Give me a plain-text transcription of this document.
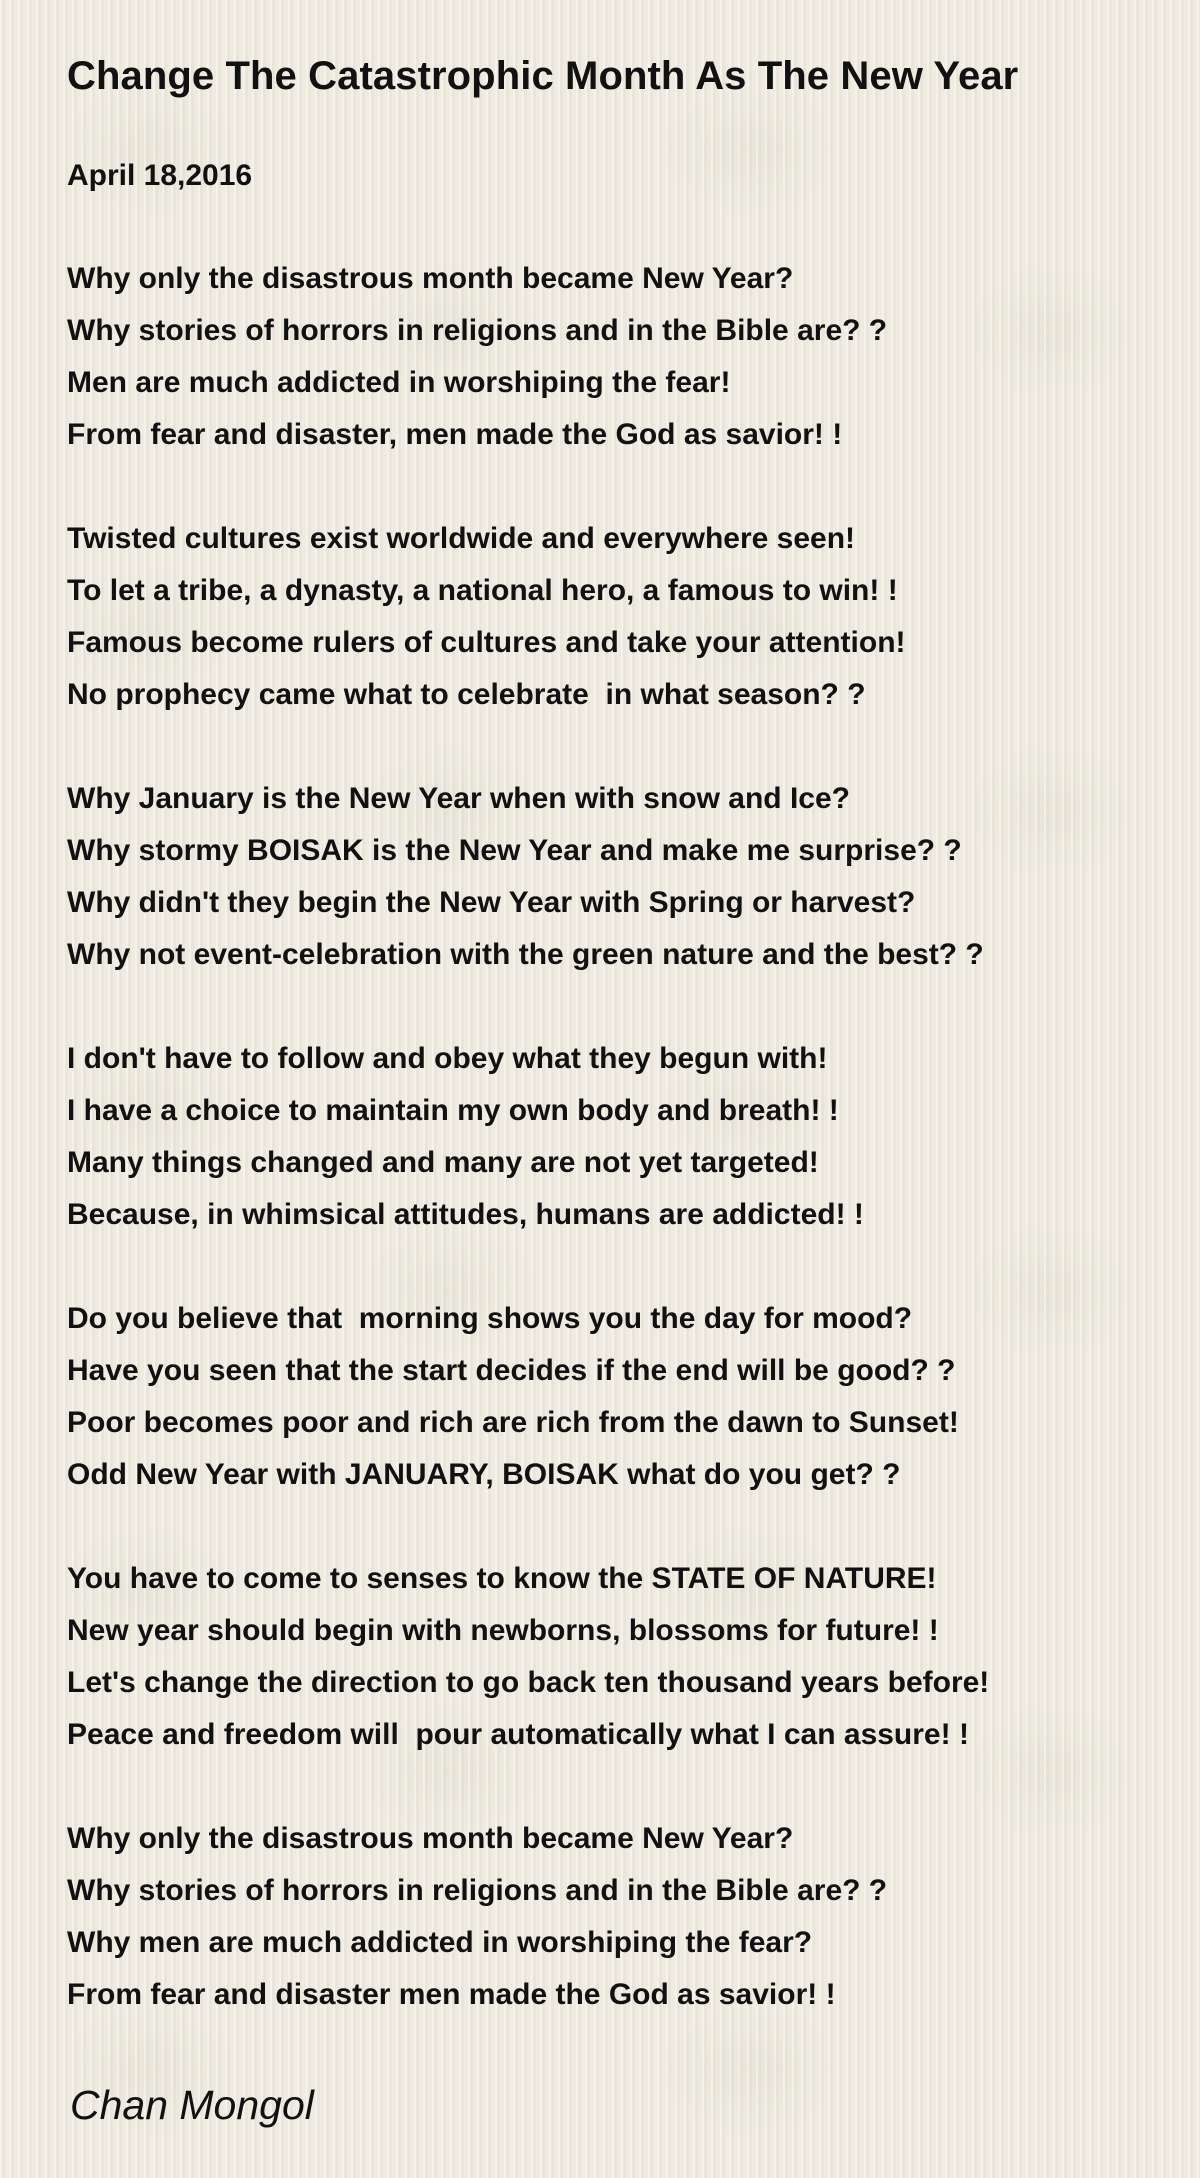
Change The Catastrophic Month As The New Year
April 18,2016
Why only the disastrous month became New Year?
Why stories of horrors in religions and in the Bible are? ?
Men are much addicted in worshiping the fear!
From fear and disaster, men made the God as savior! !
Twisted cultures exist worldwide and everywhere seen!
To let a tribe, a dynasty, a national hero, a famous to win! !
Famous become rulers of cultures and take your attention!
No prophecy came what to celebrate  in what season? ?
Why January is the New Year when with snow and Ice?
Why stormy BOISAK is the New Year and make me surprise? ?
Why didn't they begin the New Year with Spring or harvest?
Why not event-celebration with the green nature and the best? ?
I don't have to follow and obey what they begun with!
I have a choice to maintain my own body and breath! !
Many things changed and many are not yet targeted!
Because, in whimsical attitudes, humans are addicted! !
Do you believe that  morning shows you the day for mood?
Have you seen that the start decides if the end will be good? ?
Poor becomes poor and rich are rich from the dawn to Sunset!
Odd New Year with JANUARY, BOISAK what do you get? ?
You have to come to senses to know the STATE OF NATURE!
New year should begin with newborns, blossoms for future! !
Let's change the direction to go back ten thousand years before!
Peace and freedom will  pour automatically what I can assure! !
Why only the disastrous month became New Year?
Why stories of horrors in religions and in the Bible are? ?
Why men are much addicted in worshiping the fear?
From fear and disaster men made the God as savior! !
Chan Mongol
